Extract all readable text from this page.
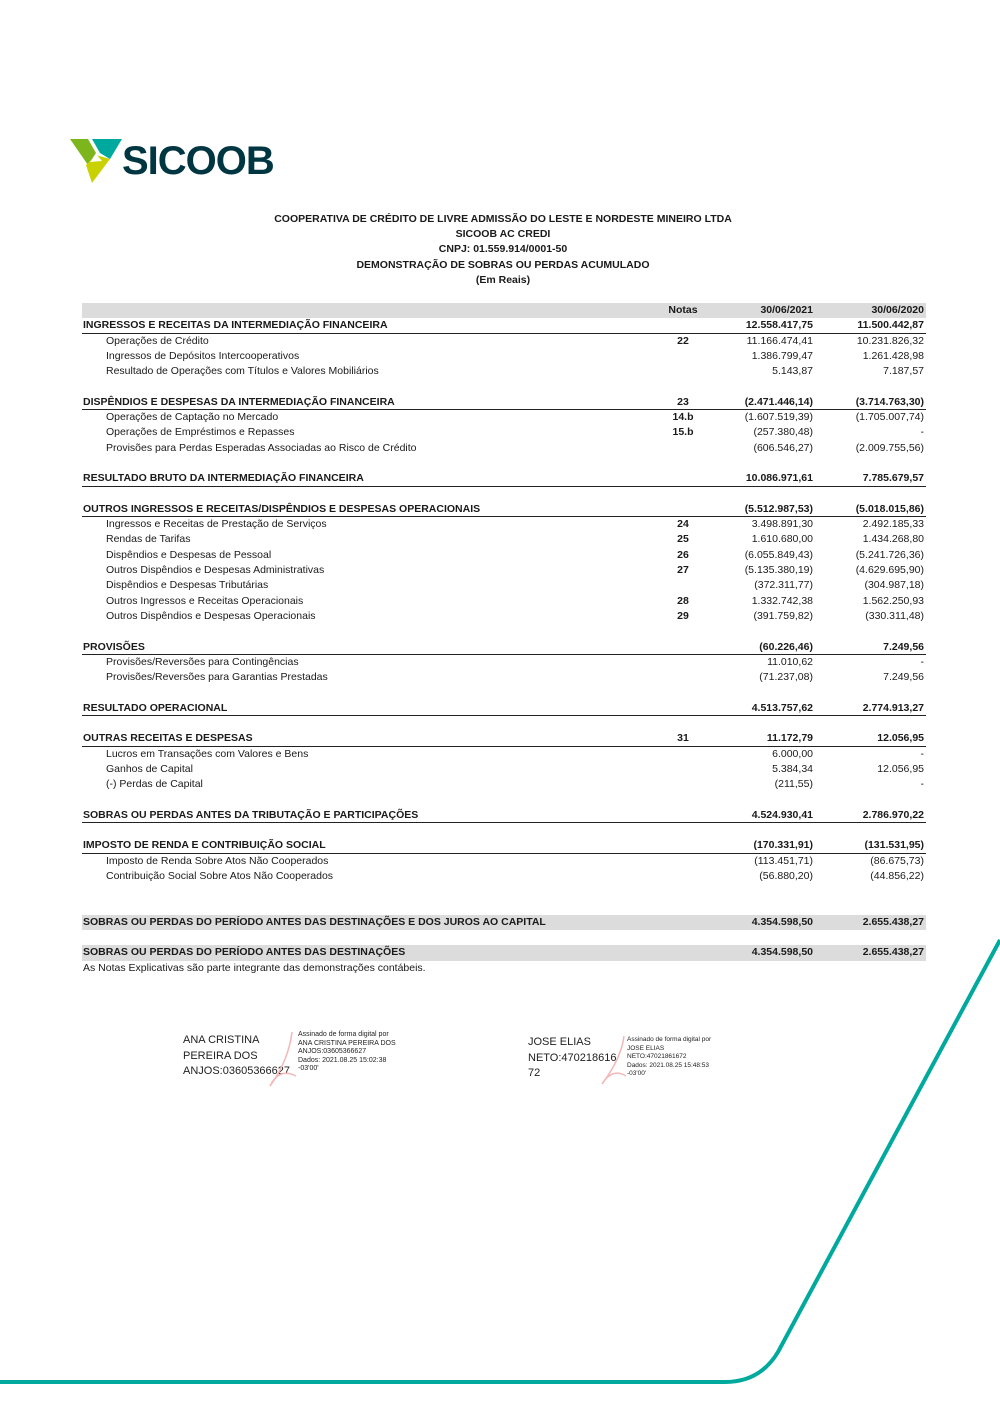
SICOOB
COOPERATIVA DE CRÉDITO DE LIVRE ADMISSÃO DO LESTE E NORDESTE MINEIRO LTDA
SICOOB AC CREDI
CNPJ: 01.559.914/0001-50
DEMONSTRAÇÃO DE SOBRAS OU PERDAS ACUMULADO
(Em Reais)
Notas	30/06/2021	30/06/2020
INGRESSOS E RECEITAS DA INTERMEDIAÇÃO FINANCEIRA	12.558.417,75	11.500.442,87
Operações de Crédito	22	11.166.474,41	10.231.826,32
Ingressos de Depósitos Intercooperativos	1.386.799,47	1.261.428,98
Resultado de Operações com Títulos e Valores Mobiliários	5.143,87	7.187,57
DISPÊNDIOS E DESPESAS DA INTERMEDIAÇÃO FINANCEIRA	23	(2.471.446,14)	(3.714.763,30)
Operações de Captação no Mercado	14.b	(1.607.519,39)	(1.705.007,74)
Operações de Empréstimos e Repasses	15.b	(257.380,48)	-
Provisões para Perdas Esperadas Associadas ao Risco de Crédito	(606.546,27)	(2.009.755,56)
RESULTADO BRUTO DA INTERMEDIAÇÃO FINANCEIRA	10.086.971,61	7.785.679,57
OUTROS INGRESSOS E RECEITAS/DISPÊNDIOS E DESPESAS OPERACIONAIS	(5.512.987,53)	(5.018.015,86)
Ingressos e Receitas de Prestação de Serviços	24	3.498.891,30	2.492.185,33
Rendas de Tarifas	25	1.610.680,00	1.434.268,80
Dispêndios e Despesas de Pessoal	26	(6.055.849,43)	(5.241.726,36)
Outros Dispêndios e Despesas Administrativas	27	(5.135.380,19)	(4.629.695,90)
Dispêndios e Despesas Tributárias	(372.311,77)	(304.987,18)
Outros Ingressos e Receitas Operacionais	28	1.332.742,38	1.562.250,93
Outros Dispêndios e Despesas Operacionais	29	(391.759,82)	(330.311,48)
PROVISÕES	(60.226,46)	7.249,56
Provisões/Reversões para Contingências	11.010,62	-
Provisões/Reversões para Garantias Prestadas	(71.237,08)	7.249,56
RESULTADO OPERACIONAL	4.513.757,62	2.774.913,27
OUTRAS RECEITAS E DESPESAS	31	11.172,79	12.056,95
Lucros em Transações com Valores e Bens	6.000,00	-
Ganhos de Capital	5.384,34	12.056,95
(-) Perdas de Capital	(211,55)	-
SOBRAS OU PERDAS ANTES DA TRIBUTAÇÃO E PARTICIPAÇÕES	4.524.930,41	2.786.970,22
IMPOSTO DE RENDA E CONTRIBUIÇÃO SOCIAL	(170.331,91)	(131.531,95)
Imposto de Renda Sobre Atos Não Cooperados	(113.451,71)	(86.675,73)
Contribuição Social Sobre Atos Não Cooperados	(56.880,20)	(44.856,22)
SOBRAS OU PERDAS DO PERÍODO ANTES DAS DESTINAÇÕES E DOS JUROS AO CAPITAL	4.354.598,50	2.655.438,27
SOBRAS OU PERDAS DO PERÍODO ANTES DAS DESTINAÇÕES	4.354.598,50	2.655.438,27
As Notas Explicativas são parte integrante das demonstrações contábeis.
ANA CRISTINA
PEREIRA DOS
ANJOS:03605366627
Assinado de forma digital por
ANA CRISTINA PEREIRA DOS
ANJOS:03605366627
Dados: 2021.08.25 15:02:38
-03'00'
JOSE ELIAS
NETO:470218616
72
Assinado de forma digital por
JOSE ELIAS
NETO:47021861672
Dados: 2021.08.25 15:48:53
-03'00'
